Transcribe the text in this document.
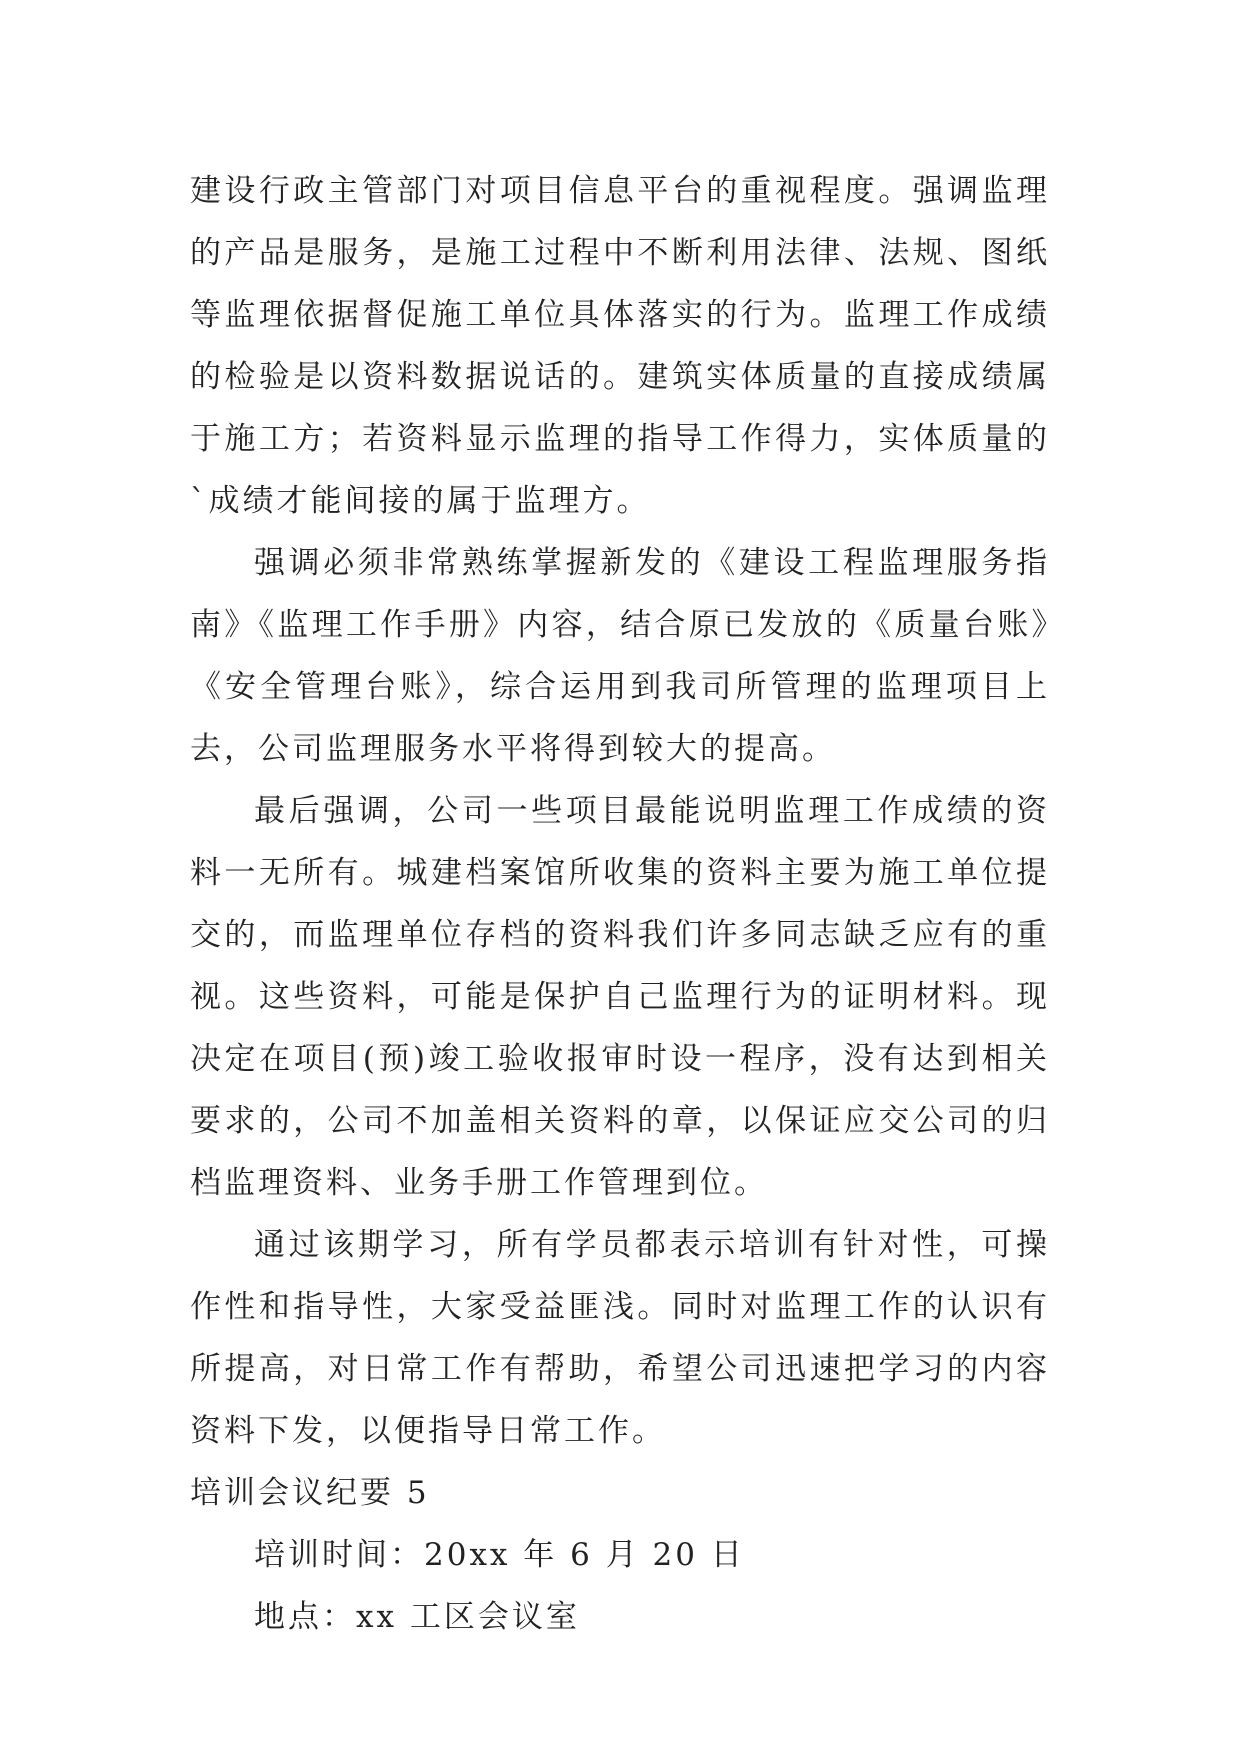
建设行政主管部门对项目信息平台的重视程度。强调监理的产品是服务，是施工过程中不断利用法律、法规、图纸等监理依据督促施工单位具体落实的行为。监理工作成绩的检验是以资料数据说话的。建筑实体质量的直接成绩属于施工方；若资料显示监理的指导工作得力，实体质量的`成绩才能间接的属于监理方。

强调必须非常熟练掌握新发的《建设工程监理服务指南》《监理工作手册》内容，结合原已发放的《质量台账》《安全管理台账》，综合运用到我司所管理的监理项目上去，公司监理服务水平将得到较大的提高。

最后强调，公司一些项目最能说明监理工作成绩的资料一无所有。城建档案馆所收集的资料主要为施工单位提交的，而监理单位存档的资料我们许多同志缺乏应有的重视。这些资料，可能是保护自己监理行为的证明材料。现决定在项目(预)竣工验收报审时设一程序，没有达到相关要求的，公司不加盖相关资料的章，以保证应交公司的归档监理资料、业务手册工作管理到位。

通过该期学习，所有学员都表示培训有针对性，可操作性和指导性，大家受益匪浅。同时对监理工作的认识有所提高，对日常工作有帮助，希望公司迅速把学习的内容资料下发，以便指导日常工作。

培训会议纪要 5

培训时间：20xx 年 6 月 20 日

地点：xx 工区会议室
